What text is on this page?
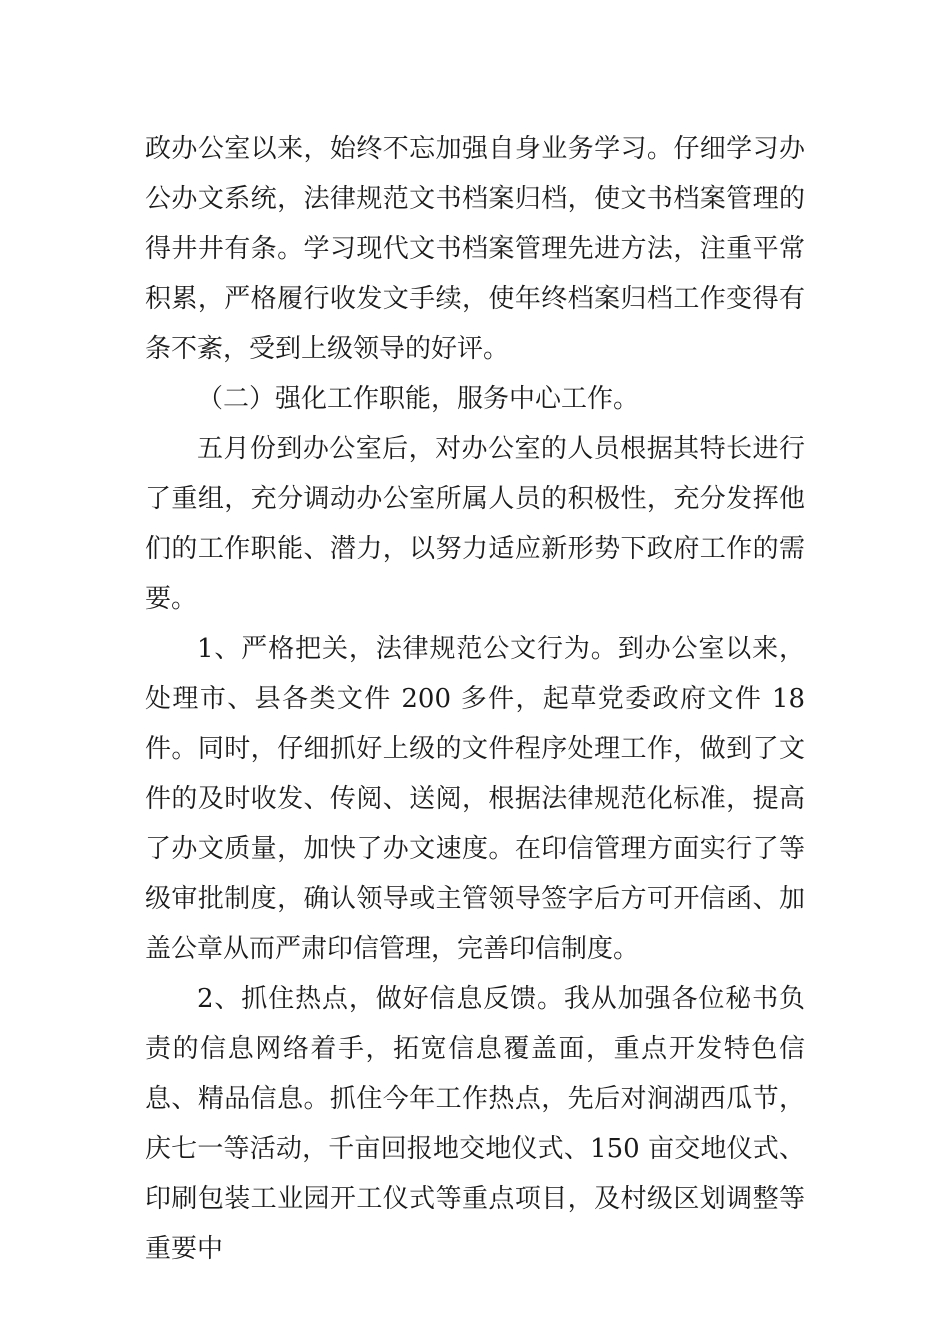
政办公室以来，始终不忘加强自身业务学习。仔细学习办公办文系统，法律规范文书档案归档，使文书档案管理的得井井有条。学习现代文书档案管理先进方法，注重平常积累，严格履行收发文手续，使年终档案归档工作变得有条不紊，受到上级领导的好评。

（二）强化工作职能，服务中心工作。

五月份到办公室后，对办公室的人员根据其特长进行了重组，充分调动办公室所属人员的积极性，充分发挥他们的工作职能、潜力，以努力适应新形势下政府工作的需要。

1、严格把关，法律规范公文行为。到办公室以来，处理市、县各类文件 200 多件，起草党委政府文件 18 件。同时，仔细抓好上级的文件程序处理工作，做到了文件的及时收发、传阅、送阅，根据法律规范化标准，提高了办文质量，加快了办文速度。在印信管理方面实行了等级审批制度，确认领导或主管领导签字后方可开信函、加盖公章从而严肃印信管理，完善印信制度。

2、抓住热点，做好信息反馈。我从加强各位秘书负责的信息网络着手，拓宽信息覆盖面，重点开发特色信息、精品信息。抓住今年工作热点，先后对涧湖西瓜节，庆七一等活动，千亩回报地交地仪式、150 亩交地仪式、印刷包装工业园开工仪式等重点项目，及村级区划调整等重要中
